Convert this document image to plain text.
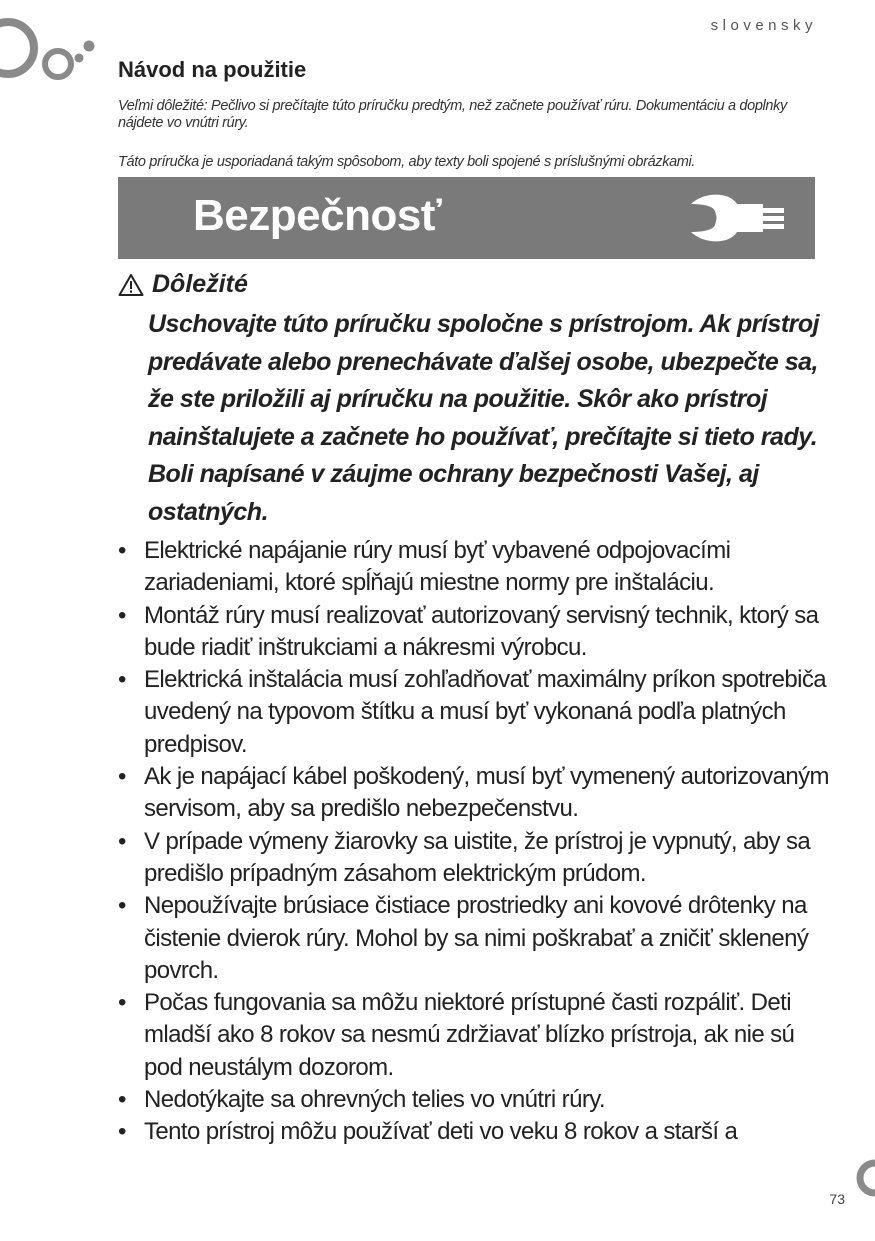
slovensky
Návod na použitie
Veľmi dôležité: Pečlivo si prečítajte túto príručku predtým, než začnete používať rúru. Dokumentáciu a doplnky nájdete vo vnútri rúry.
Táto príručka je usporiadaná takým spôsobom, aby texty boli spojené s príslušnými obrázkami.
Bezpečnosť
Dôležité

Uschovajte túto príručku spoločne s prístrojom. Ak prístroj predávate alebo prenechávate ďalšej osobe, ubezpečte sa, že ste priložili aj príručku na použitie. Skôr ako prístroj nainštalujete a začnete ho používať, prečítajte si tieto rady. Boli napísané v záujme ochrany bezpečnosti Vašej, aj ostatných.

• Elektrické napájanie rúry musí byť vybavené odpojovacími zariadeniami, ktoré spĺňajú miestne normy pre inštaláciu.
• Montáž rúry musí realizovať autorizovaný servisný technik, ktorý sa bude riadiť inštrukciami a nákresmi výrobcu.
• Elektrická inštalácia musí zohľadňovať maximálny príkon spotrebiča uvedený na typovom štítku a musí byť vykonaná podľa platných predpisov.
• Ak je napájací kábel poškodený, musí byť vymenený autorizovaným servisom, aby sa predišlo nebezpečenstvu.
• V prípade výmeny žiarovky sa uistite, že prístroj je vypnutý, aby sa predišlo prípadným zásahom elektrickým prúdom.
• Nepoužívajte brúsiace čistiace prostriedky ani kovové drôtenky na čistenie dvierok rúry. Mohol by sa nimi poškrabať a zničiť sklenený povrch.
• Počas fungovania sa môžu niektoré prístupné časti rozpáliť. Deti mladší ako 8 rokov sa nesmú zdržiavať blízko prístroja, ak nie sú pod neustálym dozorom.
• Nedotýkajte sa ohrevných telies vo vnútri rúry.
• Tento prístroj môžu používať deti vo veku 8 rokov a starší a
73
